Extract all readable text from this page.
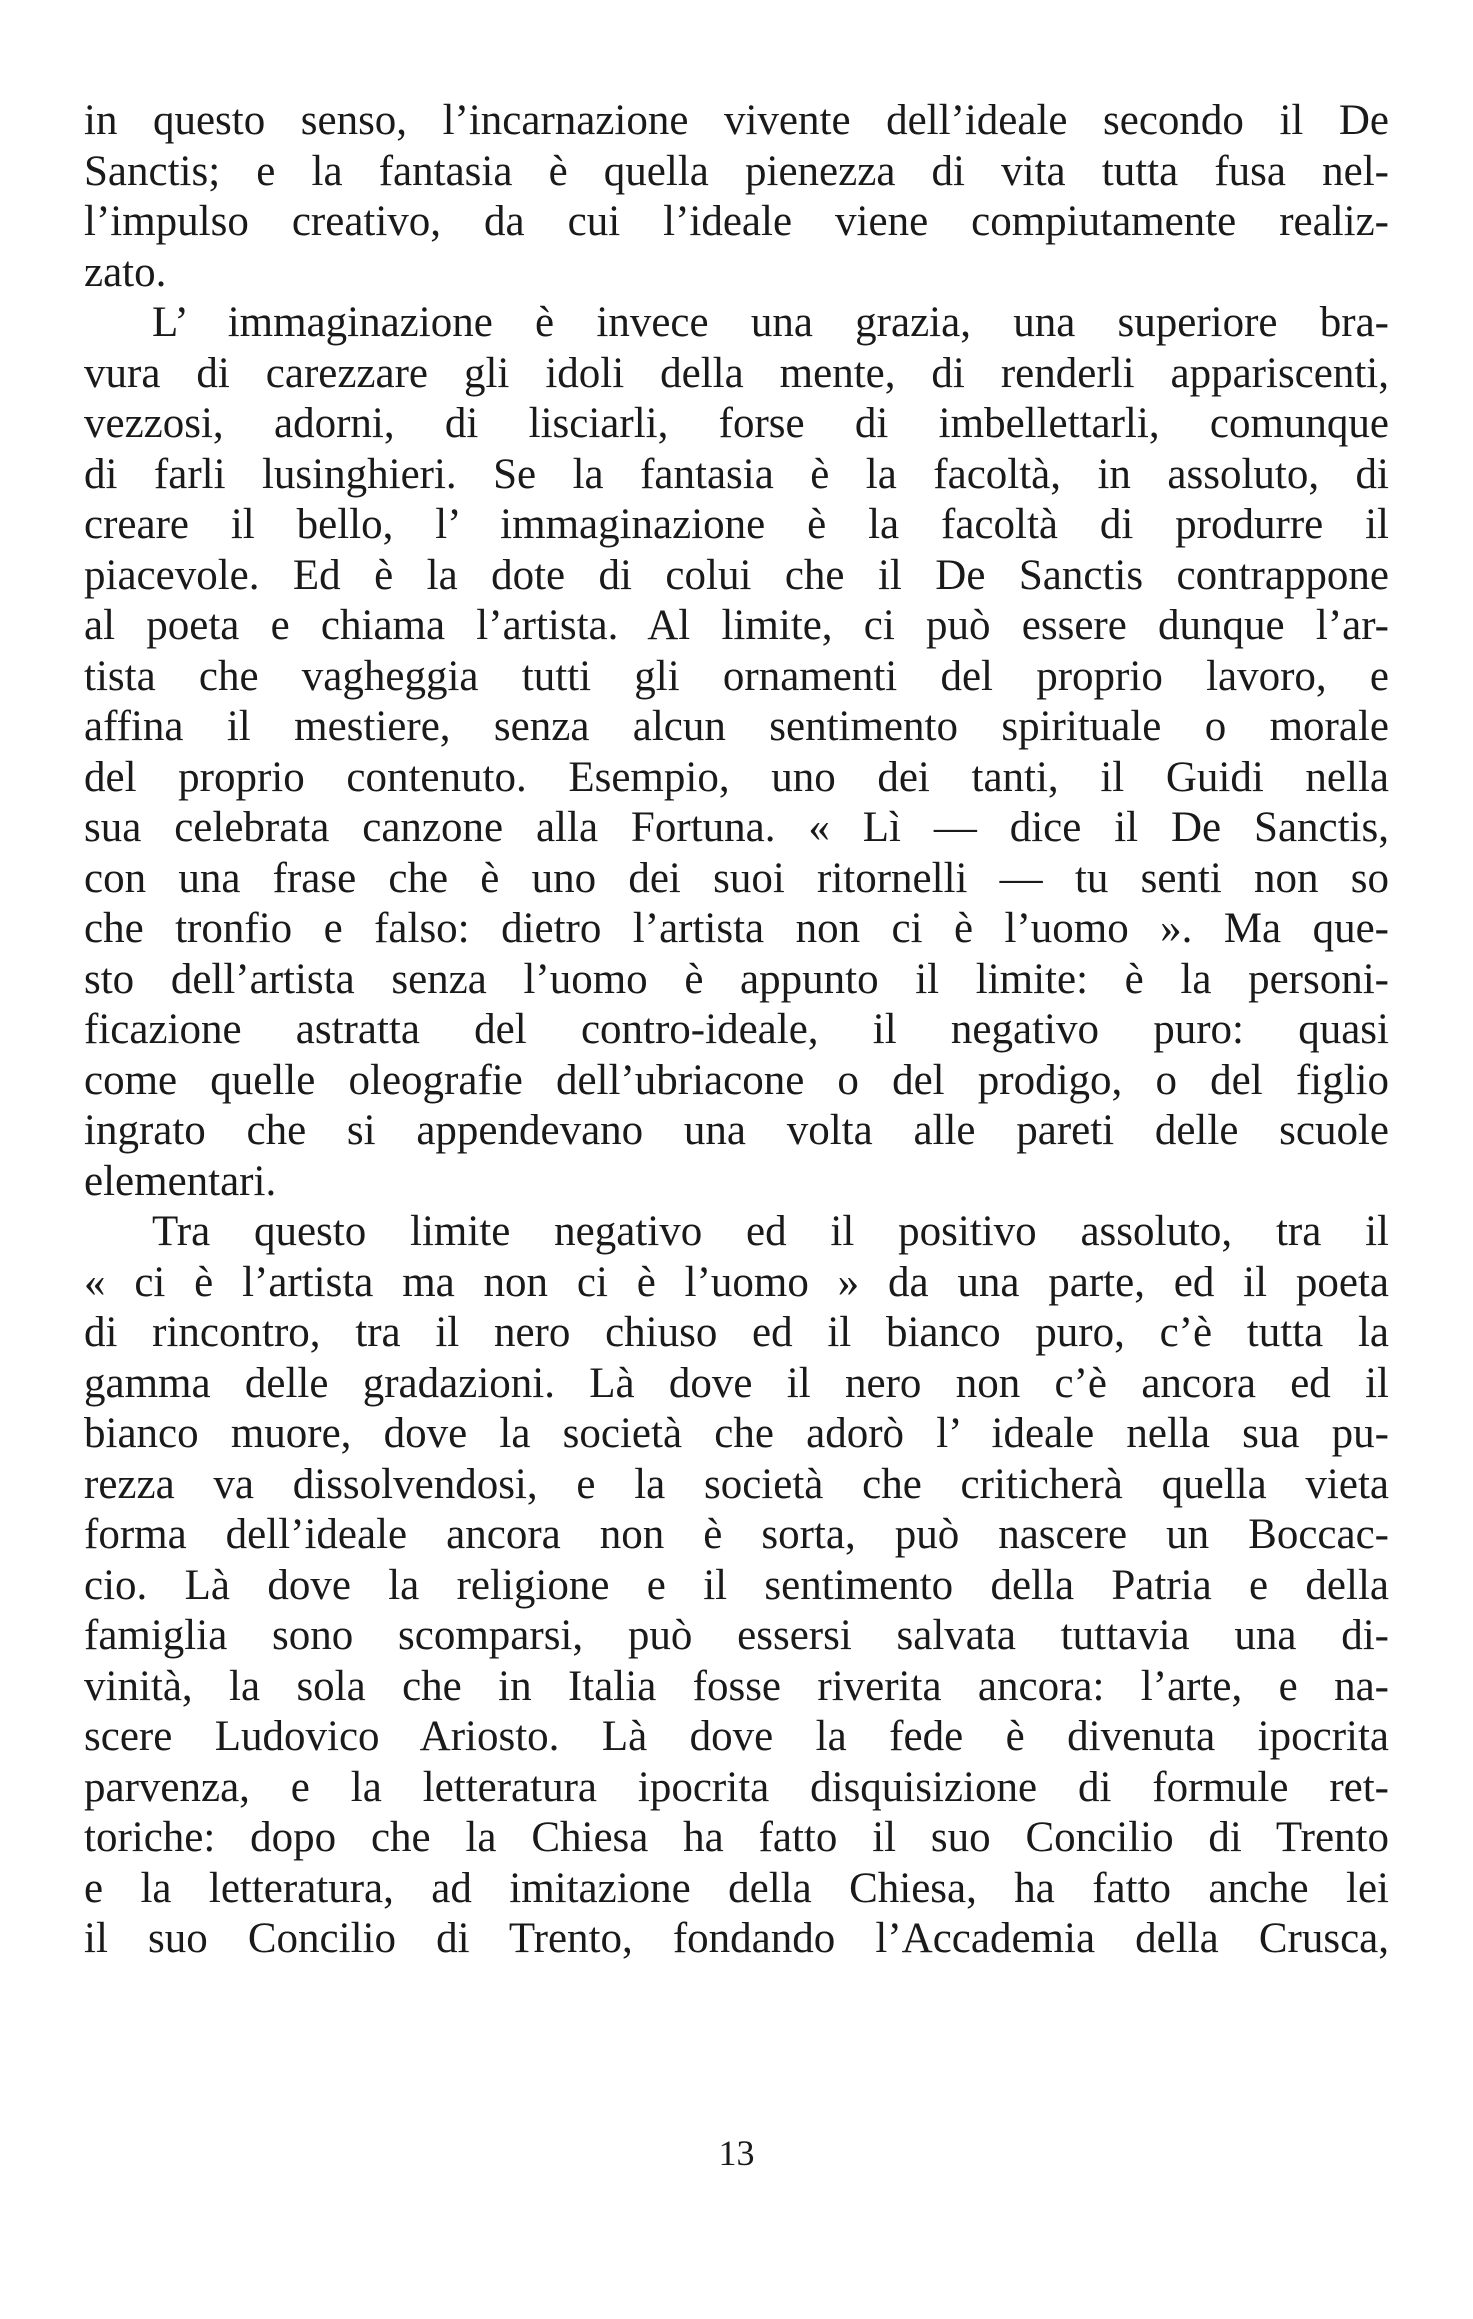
in questo senso, l’incarnazione vivente dell’ideale secondo il De
Sanctis; e la fantasia è quella pienezza di vita tutta fusa nel-
l’impulso creativo, da cui l’ideale viene compiutamente realiz-
zato.
L’ immaginazione è invece una grazia, una superiore bra-
vura di carezzare gli idoli della mente, di renderli appariscenti,
vezzosi, adorni, di lisciarli, forse di imbellettarli, comunque
di farli lusinghieri. Se la fantasia è la facoltà, in assoluto, di
creare il bello, l’ immaginazione è la facoltà di produrre il
piacevole. Ed è la dote di colui che il De Sanctis contrappone
al poeta e chiama l’artista. Al limite, ci può essere dunque l’ar-
tista che vagheggia tutti gli ornamenti del proprio lavoro, e
affina il mestiere, senza alcun sentimento spirituale o morale
del proprio contenuto. Esempio, uno dei tanti, il Guidi nella
sua celebrata canzone alla Fortuna. « Lì — dice il De Sanctis,
con una frase che è uno dei suoi ritornelli — tu senti non so
che tronfio e falso: dietro l’artista non ci è l’uomo ». Ma que-
sto dell’artista senza l’uomo è appunto il limite: è la personi-
ficazione astratta del contro-ideale, il negativo puro: quasi
come quelle oleografie dell’ubriacone o del prodigo, o del figlio
ingrato che si appendevano una volta alle pareti delle scuole
elementari.
Tra questo limite negativo ed il positivo assoluto, tra il
« ci è l’artista ma non ci è l’uomo » da una parte, ed il poeta
di rincontro, tra il nero chiuso ed il bianco puro, c’è tutta la
gamma delle gradazioni. Là dove il nero non c’è ancora ed il
bianco muore, dove la società che adorò l’ ideale nella sua pu-
rezza va dissolvendosi, e la società che criticherà quella vieta
forma dell’ideale ancora non è sorta, può nascere un Boccac-
cio. Là dove la religione e il sentimento della Patria e della
famiglia sono scomparsi, può essersi salvata tuttavia una di-
vinità, la sola che in Italia fosse riverita ancora: l’arte, e na-
scere Ludovico Ariosto. Là dove la fede è divenuta ipocrita
parvenza, e la letteratura ipocrita disquisizione di formule ret-
toriche: dopo che la Chiesa ha fatto il suo Concilio di Trento
e la letteratura, ad imitazione della Chiesa, ha fatto anche lei
il suo Concilio di Trento, fondando l’Accademia della Crusca,
13
